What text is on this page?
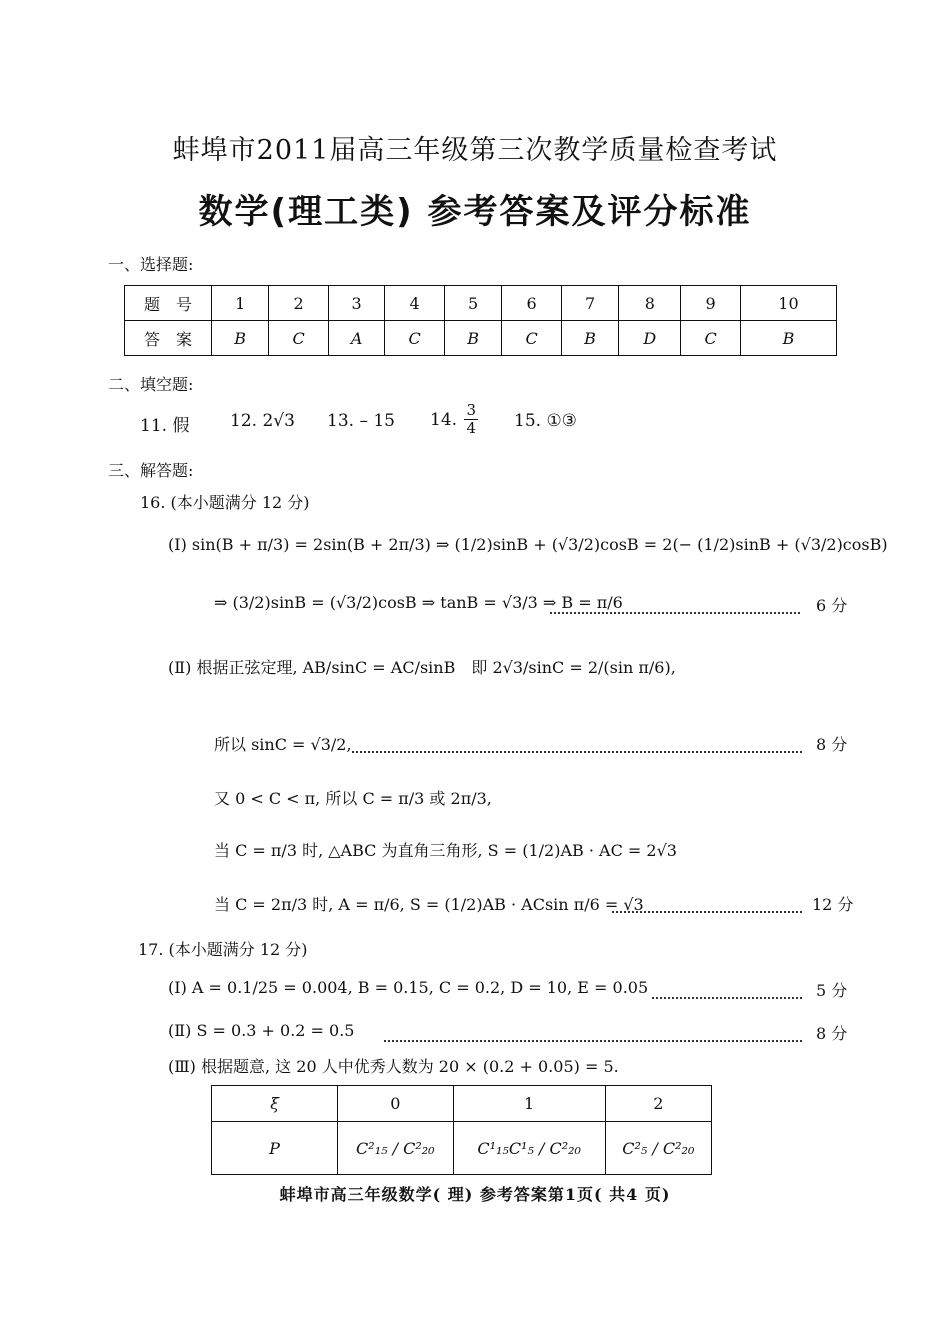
蚌埠市2011届高三年级第三次教学质量检查考试
数学(理工类) 参考答案及评分标准
一、选择题:
题　号	1	2	3	4	5	6	7	8	9	10
答　案	B	C	A	C	B	C	B	D	C	B
二、填空题:
11. 假 12. 2√3 13. – 15 14. $\frac{3}{4} 15$. ①③
三、解答题:
16. (本小题满分 12 分)
(Ⅰ) sin(B + π/3) = 2sin(B + 2π/3) ⇒ (1/2)sinB + (√3/2)cosB = 2(− (1/2)sinB + (√3/2)cosB)
⇒ (3/2)sinB = (√3/2)cosB ⇒ tanB = √3/3 ⇒ B = π/6	6 分
(Ⅱ) 根据正弦定理, AB/sinC = AC/sinB　即 2√3/sinC = 2/(sin π/6),
所以 sinC = √3/2,	8 分
又 0 < C < π, 所以 C = π/3 或 2π/3,
当 C = π/3 时, △ABC 为直角三角形, S = (1/2)AB · AC = 2√3
当 C = 2π/3 时, A = π/6, S = (1/2)AB · ACsin π/6 = √3	12 分
17. (本小题满分 12 分)
(Ⅰ) A = 0.1/25 = 0.004, B = 0.15, C = 0.2, D = 10, E = 0.05	5 分
(Ⅱ) S = 0.3 + 0.2 = 0.5	8 分
(Ⅲ) 根据题意, 这 20 人中优秀人数为 20 × (0.2 + 0.05) = 5.
ξ	0	1	2
P	C²₁₅ / C²₂₀	C¹₁₅C¹₅ / C²₂₀	C²₅ / C²₂₀
蚌埠市高三年级数学( 理) 参考答案第1页( 共4 页)
